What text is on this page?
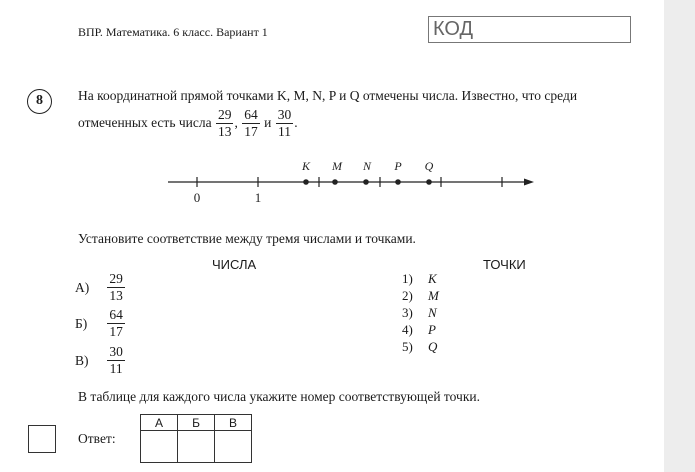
ВПР. Математика. 6 класс. Вариант 1	КОД
8	На координатной прямой точками K, M, N, P и Q отмечены числа. Известно, что среди
отмеченных есть числа $\frac{29}{13}$ , $\frac{64}{17}$ и $\frac{30}{11}$ .
K M N P Q
0	1
Установите соответствие между тремя числами и точками.
ЧИСЛА	ТОЧКИ
$А) \frac{29}{13}$
$Б) \frac{64}{17}$
$В) \frac{30}{11}$
1) K
2) M
3) N
4) P
5) Q
В таблице для каждого числа укажите номер соответствующей точки.
Ответ:
А	Б	В
